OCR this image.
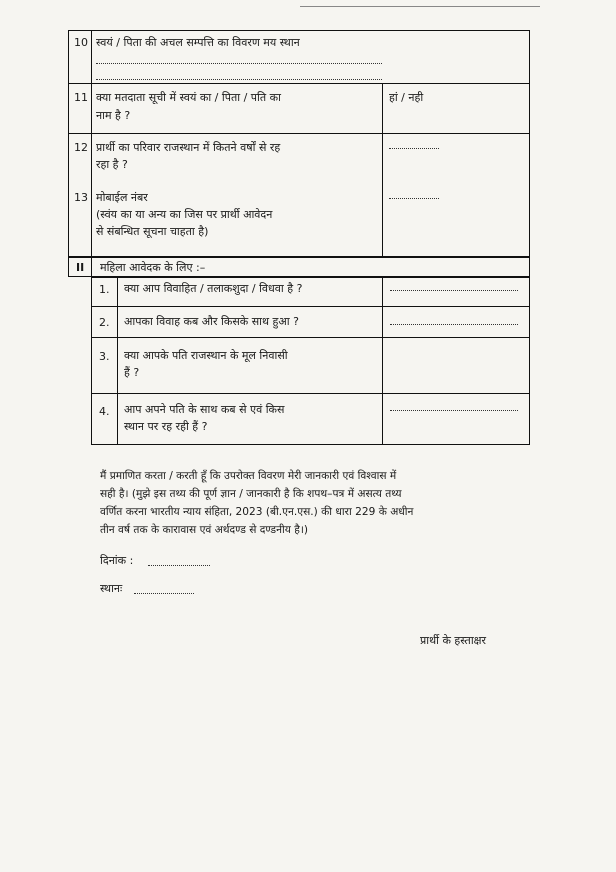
10 स्वयं / पिता की अचल सम्पत्ति का विवरण मय स्थान
11 क्या मतदाता सूची में स्वयं का / पिता / पति का
नाम है ?
हां / नही
12 प्रार्थी का परिवार राजस्थान में कितने वर्षों से रह
रहा है ?
13 मोबाईल नंबर
(स्वंय का या अन्य का जिस पर प्रार्थी आवेदन
से संबन्धित सूचना चाहता है)
II महिला आवेदक के लिए :–
1. क्या आप विवाहित / तलाकशुदा / विधवा है ?
2. आपका विवाह कब और किसके साथ हुआ ?
3. क्या आपके पति राजस्थान के मूल निवासी
हैं ?
4. आप अपने पति के साथ कब से एवं किस
स्थान पर रह रही हैं ?
मैं प्रमाणित करता / करती हूँ कि उपरोक्त विवरण मेरी जानकारी एवं विश्वास में
सही है। (मुझे इस तथ्य की पूर्ण ज्ञान / जानकारी है कि शपथ–पत्र में असत्य तथ्य
वर्णित करना भारतीय न्याय संहिता, 2023 (बी.एन.एस.) की धारा 229 के अधीन
तीन वर्ष तक के कारावास एवं अर्थदण्ड से दण्डनीय है।)
दिनांक :
स्थानः
प्रार्थी के हस्ताक्षर
